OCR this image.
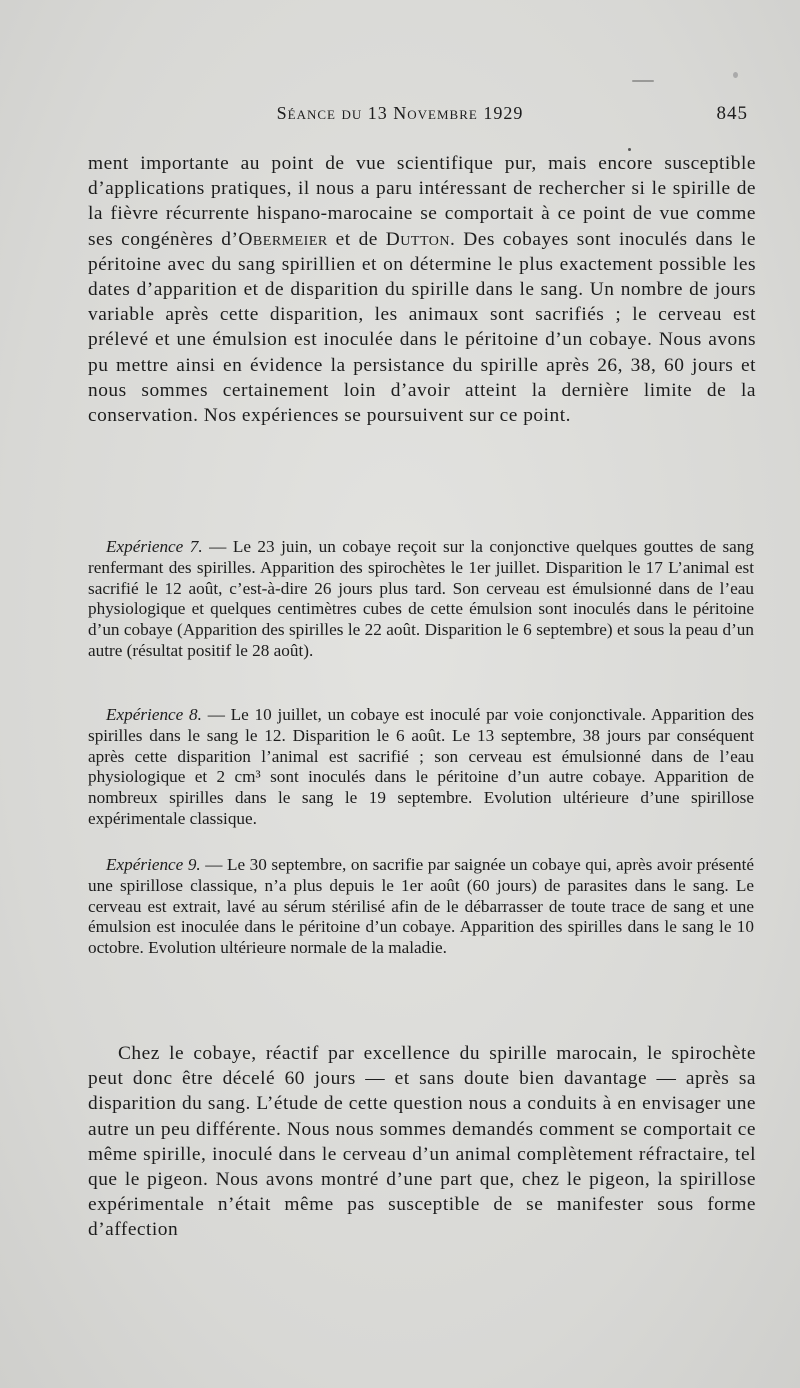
Séance du 13 Novembre 1929	845

ment importante au point de vue scientifique pur, mais encore susceptible d’applications pratiques, il nous a paru intéressant de rechercher si le spirille de la fièvre récurrente hispano-marocaine se comportait à ce point de vue comme ses congénères d’Obermeier et de Dutton. Des cobayes sont inoculés dans le péritoine avec du sang spirillien et on détermine le plus exactement possible les dates d’apparition et de disparition du spirille dans le sang. Un nombre de jours variable après cette disparition, les animaux sont sacrifiés ; le cerveau est prélevé et une émulsion est inoculée dans le péritoine d’un cobaye. Nous avons pu mettre ainsi en évidence la persistance du spirille après 26, 38, 60 jours et nous sommes certainement loin d’avoir atteint la dernière limite de la conservation. Nos expériences se poursuivent sur ce point.

Expérience 7. — Le 23 juin, un cobaye reçoit sur la conjonctive quelques gouttes de sang renfermant des spirilles. Apparition des spirochètes le 1er juillet. Disparition le 17 L’animal est sacrifié le 12 août, c’est-à-dire 26 jours plus tard. Son cerveau est émulsionné dans de l’eau physiologique et quelques centimètres cubes de cette émulsion sont inoculés dans le péritoine d’un cobaye (Apparition des spirilles le 22 août. Disparition le 6 septembre) et sous la peau d’un autre (résultat positif le 28 août).

Expérience 8. — Le 10 juillet, un cobaye est inoculé par voie conjonctivale. Apparition des spirilles dans le sang le 12. Disparition le 6 août. Le 13 septembre, 38 jours par conséquent après cette disparition l’animal est sacrifié ; son cerveau est émulsionné dans de l’eau physiologique et 2 cm³ sont inoculés dans le péritoine d’un autre cobaye. Apparition de nombreux spirilles dans le sang le 19 septembre. Evolution ultérieure d’une spirillose expérimentale classique.

Expérience 9. — Le 30 septembre, on sacrifie par saignée un cobaye qui, après avoir présenté une spirillose classique, n’a plus depuis le 1er août (60 jours) de parasites dans le sang. Le cerveau est extrait, lavé au sérum stérilisé afin de le débarrasser de toute trace de sang et une émulsion est inoculée dans le péritoine d’un cobaye. Apparition des spirilles dans le sang le 10 octobre. Evolution ultérieure normale de la maladie.

Chez le cobaye, réactif par excellence du spirille marocain, le spirochète peut donc être décelé 60 jours — et sans doute bien davantage — après sa disparition du sang. L’étude de cette question nous a conduits à en envisager une autre un peu différente. Nous nous sommes demandés comment se comportait ce même spirille, inoculé dans le cerveau d’un animal complètement réfractaire, tel que le pigeon. Nous avons montré d’une part que, chez le pigeon, la spirillose expérimentale n’était même pas susceptible de se manifester sous forme d’affection
